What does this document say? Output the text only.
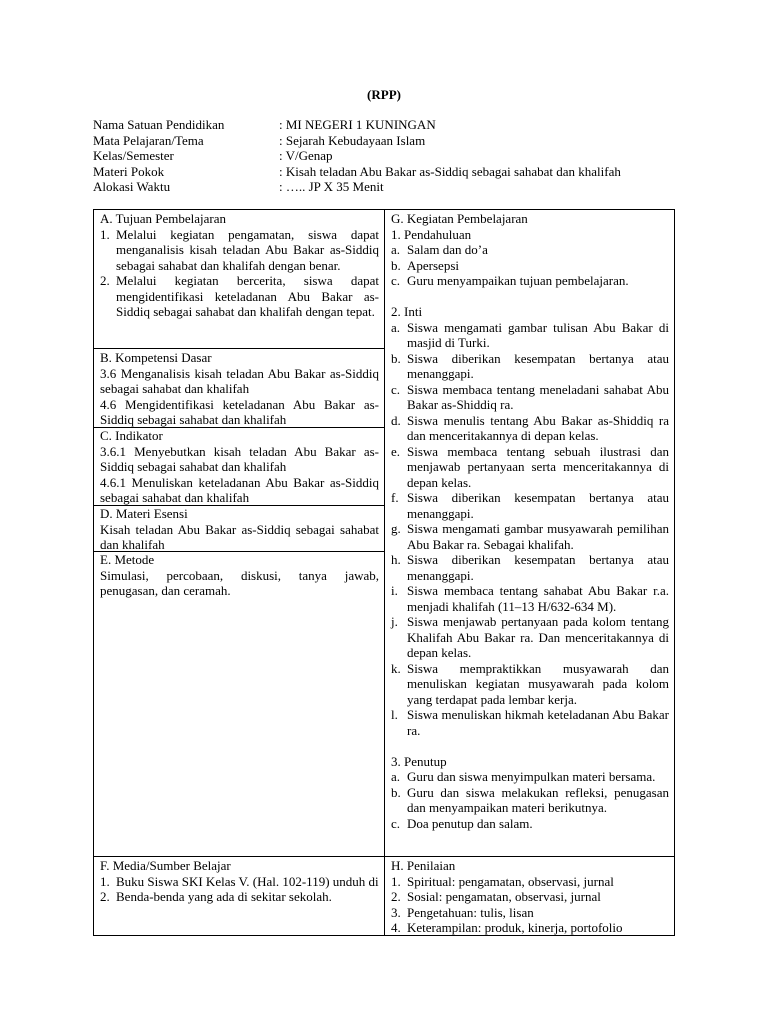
(RPP)
Nama Satuan Pendidikan	: MI NEGERI 1 KUNINGAN
Mata Pelajaran/Tema	: Sejarah Kebudayaan Islam
Kelas/Semester	: V/Genap
Materi Pokok	: Kisah teladan Abu Bakar as-Siddiq sebagai sahabat dan khalifah
Alokasi Waktu	: ….. JP X 35 Menit
A. Tujuan Pembelajaran
1. Melalui kegiatan pengamatan, siswa dapat menganalisis kisah teladan Abu Bakar as-Siddiq sebagai sahabat dan khalifah dengan benar.
2. Melalui kegiatan bercerita, siswa dapat mengidentifikasi keteladanan Abu Bakar as-Siddiq sebagai sahabat dan khalifah dengan tepat.
B. Kompetensi Dasar
3.6 Menganalisis kisah teladan Abu Bakar as-Siddiq sebagai sahabat dan khalifah
4.6 Mengidentifikasi keteladanan Abu Bakar as-Siddiq sebagai sahabat dan khalifah
C. Indikator
3.6.1 Menyebutkan kisah teladan Abu Bakar as-Siddiq sebagai sahabat dan khalifah
4.6.1 Menuliskan keteladanan Abu Bakar as-Siddiq sebagai sahabat dan khalifah
D. Materi Esensi
Kisah teladan Abu Bakar as-Siddiq sebagai sahabat dan khalifah
E. Metode
Simulasi, percobaan, diskusi, tanya jawab, penugasan, dan ceramah.
F. Media/Sumber Belajar
1. Buku Siswa SKI Kelas V. (Hal. 102-119) unduh di
2. Benda-benda yang ada di sekitar sekolah.
G. Kegiatan Pembelajaran
1. Pendahuluan
a. Salam dan do’a
b. Apersepsi
c. Guru menyampaikan tujuan pembelajaran.
2. Inti
a. Siswa mengamati gambar tulisan Abu Bakar di masjid di Turki.
b. Siswa diberikan kesempatan bertanya atau menanggapi.
c. Siswa membaca tentang meneladani sahabat Abu Bakar as-Shiddiq ra.
d. Siswa menulis tentang Abu Bakar as-Shiddiq ra dan menceritakannya di depan kelas.
e. Siswa membaca tentang sebuah ilustrasi dan menjawab pertanyaan serta menceritakannya di depan kelas.
f. Siswa diberikan kesempatan bertanya atau menanggapi.
g. Siswa mengamati gambar musyawarah pemilihan Abu Bakar ra. Sebagai khalifah.
h. Siswa diberikan kesempatan bertanya atau menanggapi.
i. Siswa membaca tentang sahabat Abu Bakar r.a. menjadi khalifah (11–13 H/632-634 M).
j. Siswa menjawab pertanyaan pada kolom tentang Khalifah Abu Bakar ra. Dan menceritakannya di depan kelas.
k. Siswa mempraktikkan musyawarah dan menuliskan kegiatan musyawarah pada kolom yang terdapat pada lembar kerja.
l. Siswa menuliskan hikmah keteladanan Abu Bakar ra.
3. Penutup
a. Guru dan siswa menyimpulkan materi bersama.
b. Guru dan siswa melakukan refleksi, penugasan dan menyampaikan materi berikutnya.
c. Doa penutup dan salam.
H. Penilaian
1. Spiritual: pengamatan, observasi, jurnal
2. Sosial: pengamatan, observasi, jurnal
3. Pengetahuan: tulis, lisan
4. Keterampilan: produk, kinerja, portofolio
